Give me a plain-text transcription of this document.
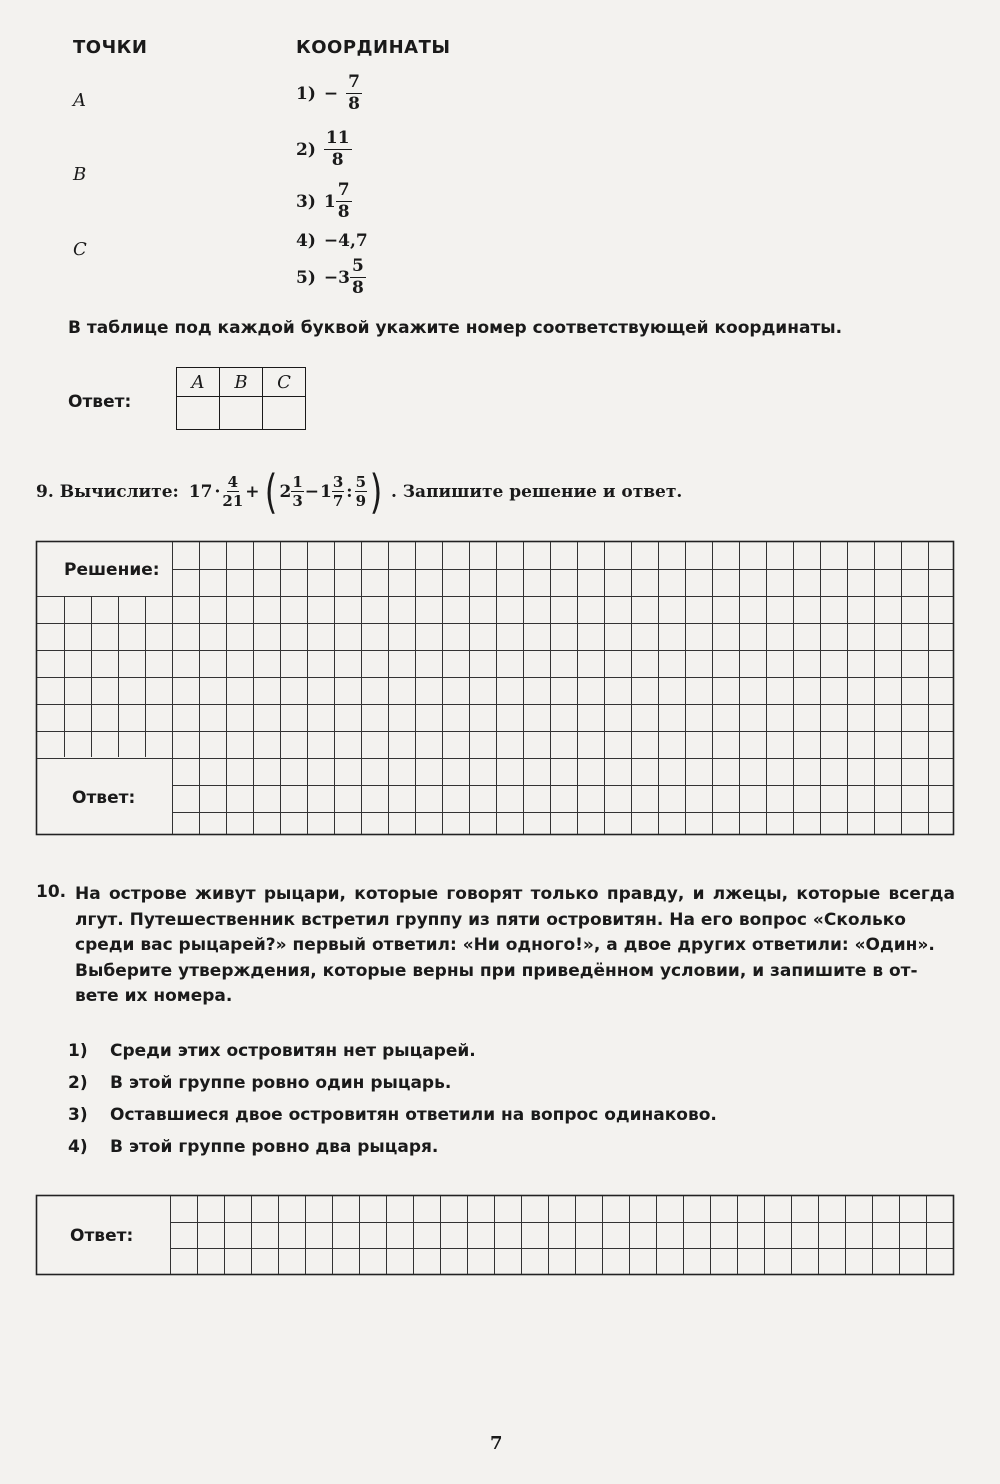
ТОЧКИ	КООРДИНАТЫ
A
B
C
$1) - \frac{7}{8}$
$2) \frac{11}{8}$
3) $1 \frac{7}{8}$
4) −4,7
$5) - 3 \frac{5}{8}$
В таблице под каждой буквой укажите номер соответствующей координаты.
Ответ:
A	B	C

9. Вычислите: 17 · 4
21 + ( 2 1
3 − 1 3
7 : 5
9 ) . Запишите решение и ответ.
Решение:
Ответ:
10. На острове живут рыцари, которые говорят только правду, и лжецы, которые всегда
лгут. Путешественник встретил группу из пяти островитян. На его вопрос «Сколько
среди вас рыцарей?» первый ответил: «Ни одного!», а двое других ответили: «Один».
Выберите утверждения, которые верны при приведённом условии, и запишите в от-
вете их номера.
1)	Среди этих островитян нет рыцарей.
2)	В этой группе ровно один рыцарь.
3)	Оставшиеся двое островитян ответили на вопрос одинаково.
4)	В этой группе ровно два рыцаря.
Ответ:
7
